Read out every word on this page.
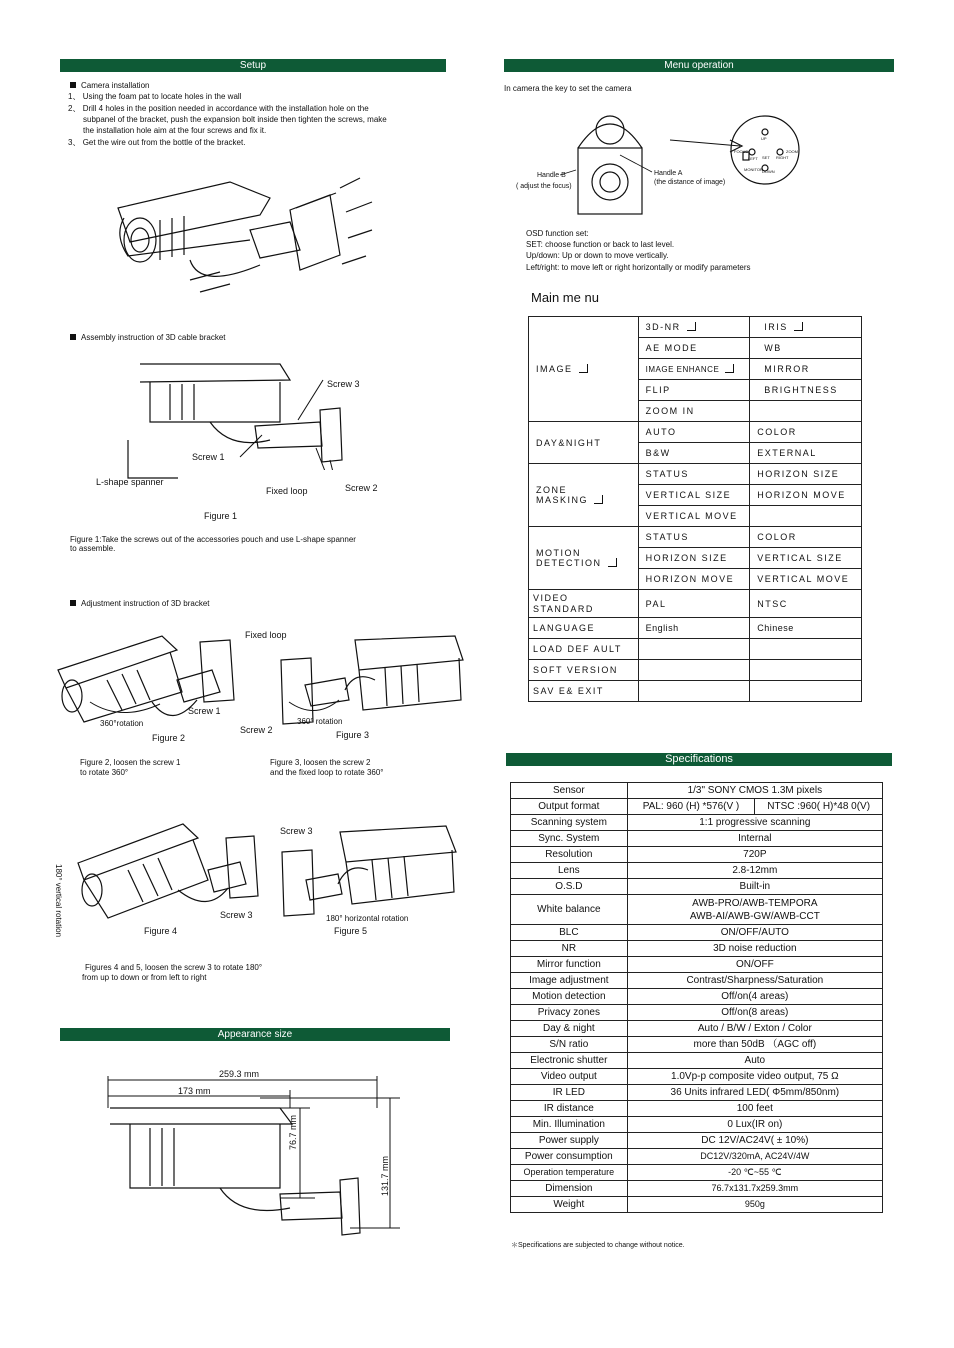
Setup
Camera installation
1、 Using the foam pat to locate holes in the wall
2、 Drill 4 holes in the position needed in accordance with the installation hole on the
subpanel of the bracket, push the expansion bolt inside then tighten the screws, make
the installation hole aim at the four screws and fix it.
3、 Get the wire out from the bottle of the bracket.
Assembly instruction of 3D cable bracket
Screw 3
Screw 1
Screw 2
Fixed loop
L-shape spanner
Figure 1
Figure 1:Take the screws out of the accessories pouch and use L-shape spanner
to assemble.
Adjustment instruction of 3D bracket
Fixed loop
Screw 1
Screw 2
360°rotation	360° rotation
Figure 2	Figure 3
Figure 2, loosen the screw 1
to rotate 360°
Figure 3, loosen the screw 2
and the fixed loop to rotate 360°
Screw 3
Screw 3
180° vertical rotation	180° horizontal rotation
Figure 4	Figure 5
Figures 4 and 5, loosen the screw 3 to rotate 180°
from up to down or from left to right
Appearance size
259.3 mm
173 mm
76.7 mm
131.7 mm
Menu operation
In camera the key to set the camera
Handle B
( adjust the focus)
Handle A
(the distance of image)
UP
FOCUS	ZOOM
SET RIGHT
LEFT
MONITOR DOWN
OSD function set:
SET: choose function or back to last level.
Up/down: Up or down to move vertically.
Left/right: to move left or right horizontally or modify parameters
Main me nu
IMAGE	3D-NR	IRIS
	AE MODE	WB
	IMAGE ENHANCE	MIRROR
	FLIP	BRIGHTNESS
	ZOOM IN	
DAY&NIGHT	AUTO	COLOR
	B&W	EXTERNAL

ZONE
MASKING	STATUS	HORIZON SIZE
	VERTICAL SIZE	HORIZON MOVE
	VERTICAL MOVE	

MOTION
DETECTION	STATUS	COLOR
	HORIZON SIZE	VERTICAL SIZE
	HORIZON MOVE	VERTICAL MOVE

VIDEO
STANDARD	PAL	NTSC
LANGUAGE	English	Chinese
LOAD DEF AULT		
SOFT VERSION		
SAV E& EXIT		
Specifications
Sensor	1/3" SONY CMOS 1.3M pixels	
Output format	PAL: 960 (H) *576(V )	NTSC :960( H)*48 0(V)
Scanning system	1:1 progressive scanning	
Sync. System	Internal	
Resolution	720P	
Lens	2.8-12mm	
O.S.D	Built-in	
White balance	AWB-PRO/AWB-TEMPORA
AWB-AI/AWB-GW/AWB-CCT	

BLC	ON/OFF/AUTO	
NR	3D noise reduction	
Mirror function	ON/OFF	
Image adjustment	Contrast/Sharpness/Saturation	
Motion detection	Off/on(4 areas)	
Privacy zones	Off/on(8 areas)	
Day & night	Auto / B/W / Exton / Color	
S/N ratio	more than 50dB （AGC off)	
Electronic shutter	Auto	
Video output	1.0Vp-p composite video output, 75 Ω	
IR LED	36 Units infrared LED( Φ5mm/850nm)	
IR distance	100 feet	
Min. Illumination	0 Lux(IR on)	
Power supply	DC 12V/AC24V( ± 10%)	
Power consumption	DC12V/320mA, AC24V/4W	
Operation temperature	-20 ℃~55 ℃	
Dimension	76.7x131.7x259.3mm	
Weight	950g	
＊Specifications are subjected to change without notice.
